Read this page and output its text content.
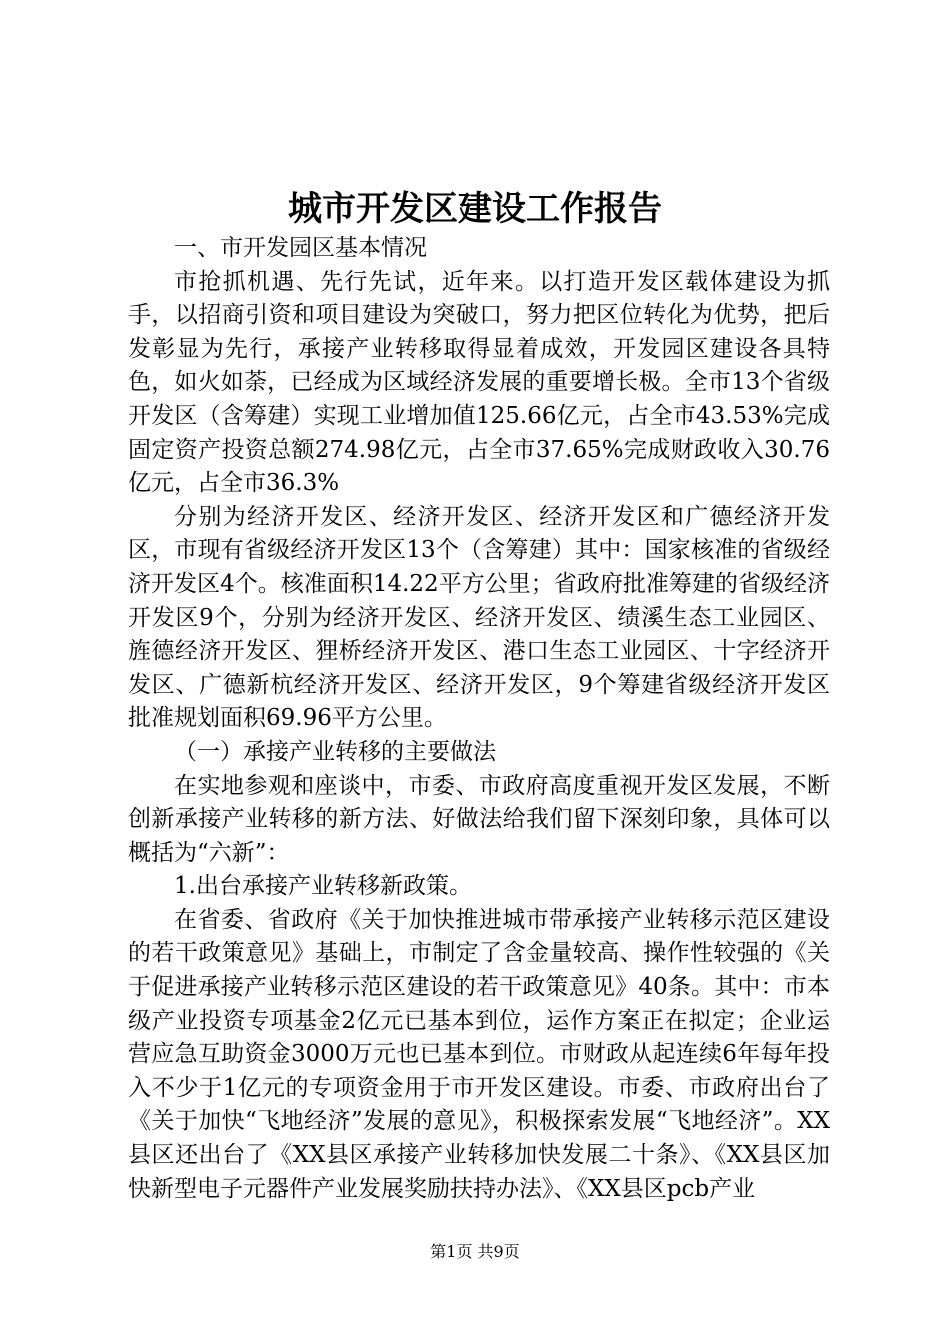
城市开发区建设工作报告

一、市开发园区基本情况

市抢抓机遇、先行先试，近年来。以打造开发区载体建设为抓手，以招商引资和项目建设为突破口，努力把区位转化为优势，把后发彰显为先行，承接产业转移取得显着成效，开发园区建设各具特色，如火如荼，已经成为区域经济发展的重要增长极。全市13个省级开发区（含筹建）实现工业增加值125.66亿元，占全市43.53%完成固定资产投资总额274.98亿元，占全市37.65%完成财政收入30.76亿元，占全市36.3%

分别为经济开发区、经济开发区、经济开发区和广德经济开发区，市现有省级经济开发区13个（含筹建）其中：国家核准的省级经济开发区4个。核准面积14.22平方公里；省政府批准筹建的省级经济开发区9个，分别为经济开发区、经济开发区、绩溪生态工业园区、旌德经济开发区、狸桥经济开发区、港口生态工业园区、十字经济开发区、广德新杭经济开发区、经济开发区，9个筹建省级经济开发区批准规划面积69.96平方公里。

（一）承接产业转移的主要做法

在实地参观和座谈中，市委、市政府高度重视开发区发展，不断创新承接产业转移的新方法、好做法给我们留下深刻印象，具体可以概括为“六新”：

1.出台承接产业转移新政策。

在省委、省政府《关于加快推进城市带承接产业转移示范区建设的若干政策意见》基础上，市制定了含金量较高、操作性较强的《关于促进承接产业转移示范区建设的若干政策意见》40条。其中：市本级产业投资专项基金2亿元已基本到位，运作方案正在拟定；企业运营应急互助资金3000万元也已基本到位。市财政从起连续6年每年投入不少于1亿元的专项资金用于市开发区建设。市委、市政府出台了《关于加快“飞地经济”发展的意见》，积极探索发展“飞地经济”。XX县区还出台了《XX县区承接产业转移加快发展二十条》、《XX县区加快新型电子元器件产业发展奖励扶持办法》、《XX县区pcb产业

第1页 共9页
